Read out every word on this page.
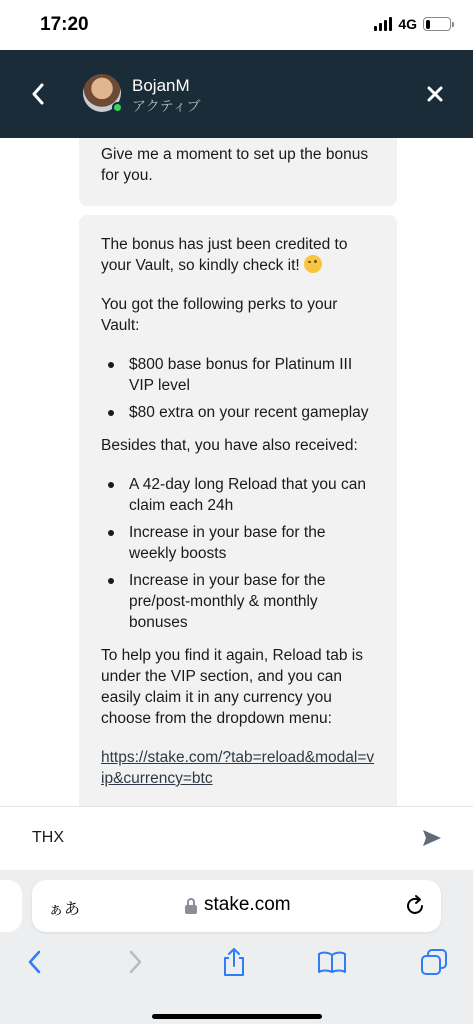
17:20	4G
BojanM
アクティブ

Give me a moment to set up the bonus for you.

The bonus has just been credited to your Vault, so kindly check it!

You got the following perks to your Vault:

$800 base bonus for Platinum III VIP level
$80 extra on your recent gameplay

Besides that, you have also received:

A 42-day long Reload that you can claim each 24h
Increase in your base for the weekly boosts
Increase in your base for the pre/post-monthly & monthly bonuses

To help you find it again, Reload tab is under the VIP section, and you can easily claim it in any currency you choose from the dropdown menu:

https://stake.com/?tab=reload&modal=vip&currency=btc
THX
ぁあ	stake.com
